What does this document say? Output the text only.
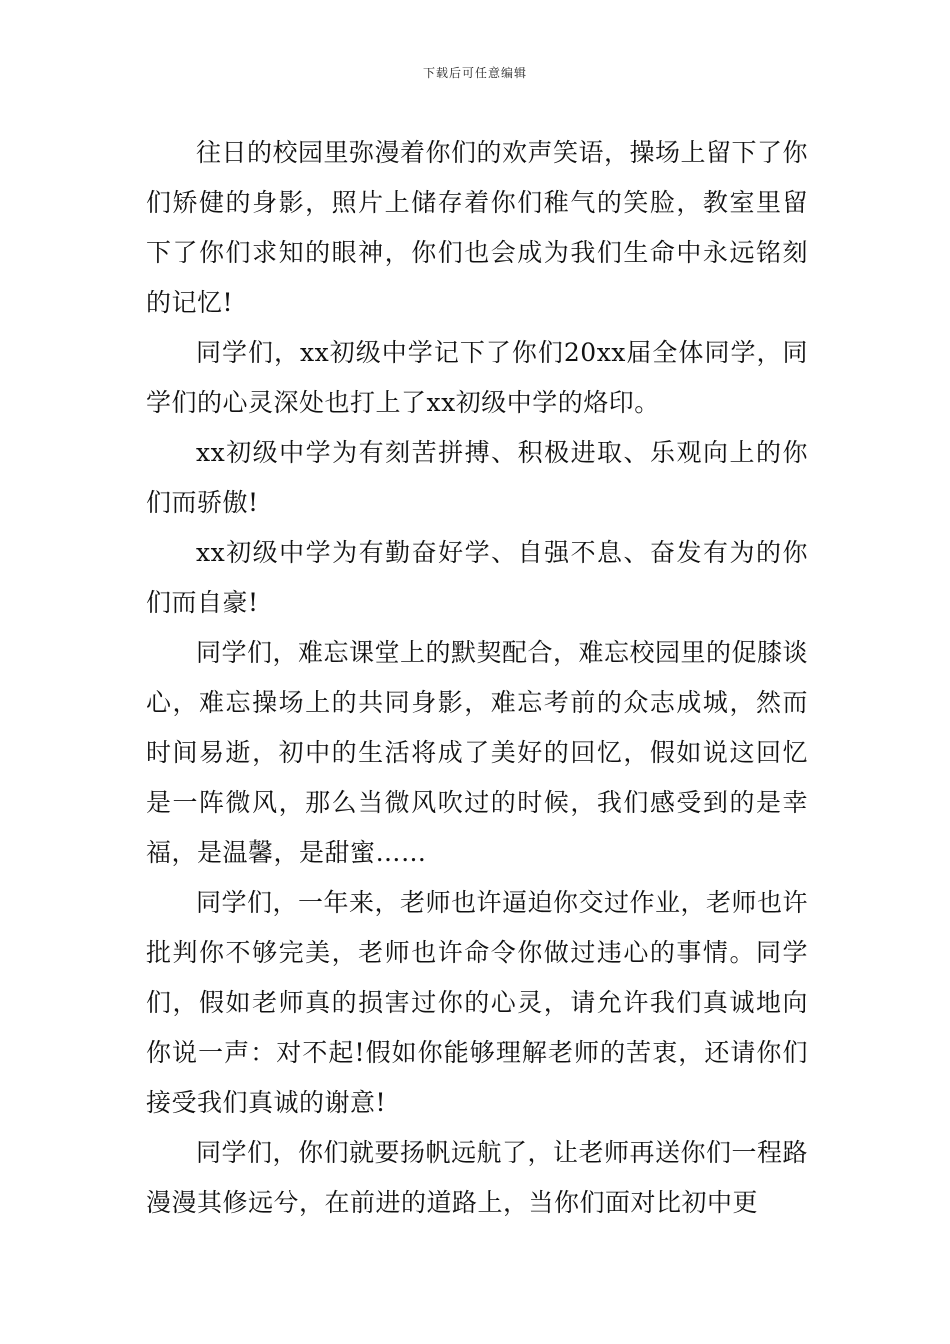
下载后可任意编辑

往日的校园里弥漫着你们的欢声笑语，操场上留下了你们矫健的身影，照片上储存着你们稚气的笑脸，教室里留下了你们求知的眼神，你们也会成为我们生命中永远铭刻的记忆!

同学们，xx初级中学记下了你们20xx届全体同学，同学们的心灵深处也打上了xx初级中学的烙印。

xx初级中学为有刻苦拼搏、积极进取、乐观向上的你们而骄傲!

xx初级中学为有勤奋好学、自强不息、奋发有为的你们而自豪!

同学们，难忘课堂上的默契配合，难忘校园里的促膝谈心，难忘操场上的共同身影，难忘考前的众志成城，然而时间易逝，初中的生活将成了美好的回忆，假如说这回忆是一阵微风，那么当微风吹过的时候，我们感受到的是幸福，是温馨，是甜蜜……

同学们，一年来，老师也许逼迫你交过作业，老师也许批判你不够完美，老师也许命令你做过违心的事情。同学们，假如老师真的损害过你的心灵，请允许我们真诚地向你说一声：对不起!假如你能够理解老师的苦衷，还请你们接受我们真诚的谢意!

同学们，你们就要扬帆远航了，让老师再送你们一程路漫漫其修远兮，在前进的道路上，当你们面对比初中更
